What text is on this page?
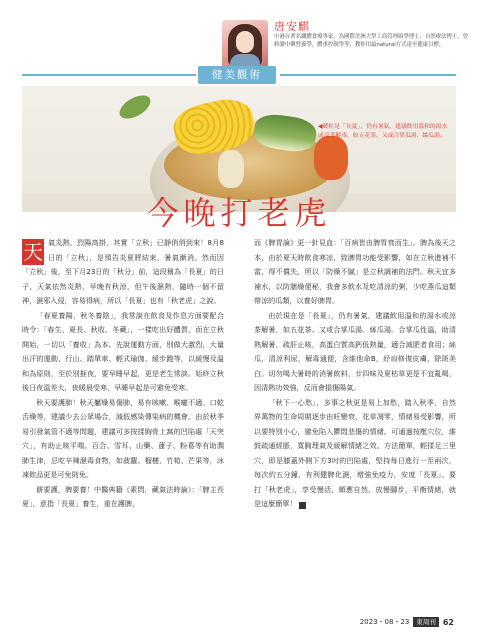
唐安麒
中港台著名纖體食療專家，為國際美洲大學工商管理碩學博士、自然療法博士，曾修讀中藥營養學，體重控制學等，教你用最natural方式達至健康目標。
健美觀術
◀暖粒是「長夏」，仍有暑氣，建議飲用溫和的湯水或涼茶解毒，如五花茶、又或合掌瓜湯、絲瓜湯。
今晚打老虎

天 氣炎熱，烈陽高掛，其實「立秋」已靜俏俏到來！8月8日的「立秋」，是預告炎夏將結束，暑氣漸消。然而因「立秋」後，至下月23日的「秋分」前，這段稱為「長夏」的日子，天氣依然炎熱，早晚有秋涼，但午後濕熱，隨時一個不留神，濕邪入侵，容易得病，所以「長夏」也有「秋老虎」之說。

「春夏養陽，秋冬養陰」，我常說在飲食及作息方面要配合時令：「春生、夏長、秋收、冬藏」，一樣吃出好體質，而在立秋開始，一切以「養收」為本。先說運動方面，別做大激烈，大量出汗的運動，行山、踏單車、輕式瑜伽、緩步跑等，以緩慢及溫和為原則，至於別捱夜，要早睡早起，更是老生常談。始終立秋後日夜溫差大，夜暖晨受寒，早睡早起是可避免受寒。

秋天要護肺！秋天屬燥易傷肺，易有咳嗽、喉嚨不適、口乾舌燥等，建議少去公眾場合，減低感染傳染病的機會。由於秋季易引發氣管不適等問題，建議可多按揉胸骨上窩的凹陷處「天突穴」，有助止咳平喘。百合、雪耳、山藥、蓮子、粉葛等有助潤肺生津，忌吃辛辣濕毒食物，如菠蘿、榴槤、竹筍、芒果等，冰凍飲品更是可免則免。

餅要護，脾要養！中醫典籍《素問．藏氣法時論》：「脾主長夏」，意指「長夏」養生，重在護脾，

而《脾胃論》更一針見血：「百病皆由脾胃衰而生」。脾為後天之本，由於夏天時飲食寒凉，致脾胃功能受影響，如在立秋進補不當，得不償失，所以「防燥不膩」是立秋調補的法門。秋天宜多補水，以防膳燥便秘，我會多飲水及吃清涼的粥，少吃燕瓜這類帶涼的瓜類，以養好脾胃。

由於現在是「長夏」，仍有暑氣，建議飲用溫和的湯水或涼茶解暑，如五花茶、又或合掌瓜湯、絲瓜湯。合掌瓜性溫，助清熱解暑，疏肝止咳，高蛋白質高鈣低熱量，適合減肥者食用；絲瓜，清涼利尿，解毒通便，含維他命B，紓肩修復皮膚，除斑美白。切勿喝大暑時的消暑飲料，廿四味及夏枯草更是不宜亂喝，因清熱功效強，反而會損傷陽氣。

「秋下一心愁」，多事之秋更是易上加愁，踏入秋季，自然界萬物的生命周期逐步由旺變衰，花草凋零，情緒易受影響，所以要特別小心，避免陷入鬱悶悲傷的情緒。可通過按壓穴位，維鼓疏通經脈，寬胸理氣及緩解情緒之效。方法簡單，輕揉足三里穴，即是膝蓋外側下方3吋的凹陷處，堅持每日進行一至兩次，每次約五分鐘，有利健脾化濕，增強免疫力，安度「長夏」。要打「秋老虎」，享受慢活，順應自然，放慢腳步，平衡情緒，就是這麼簡單！	E

2023・08・23	東周刊 62
